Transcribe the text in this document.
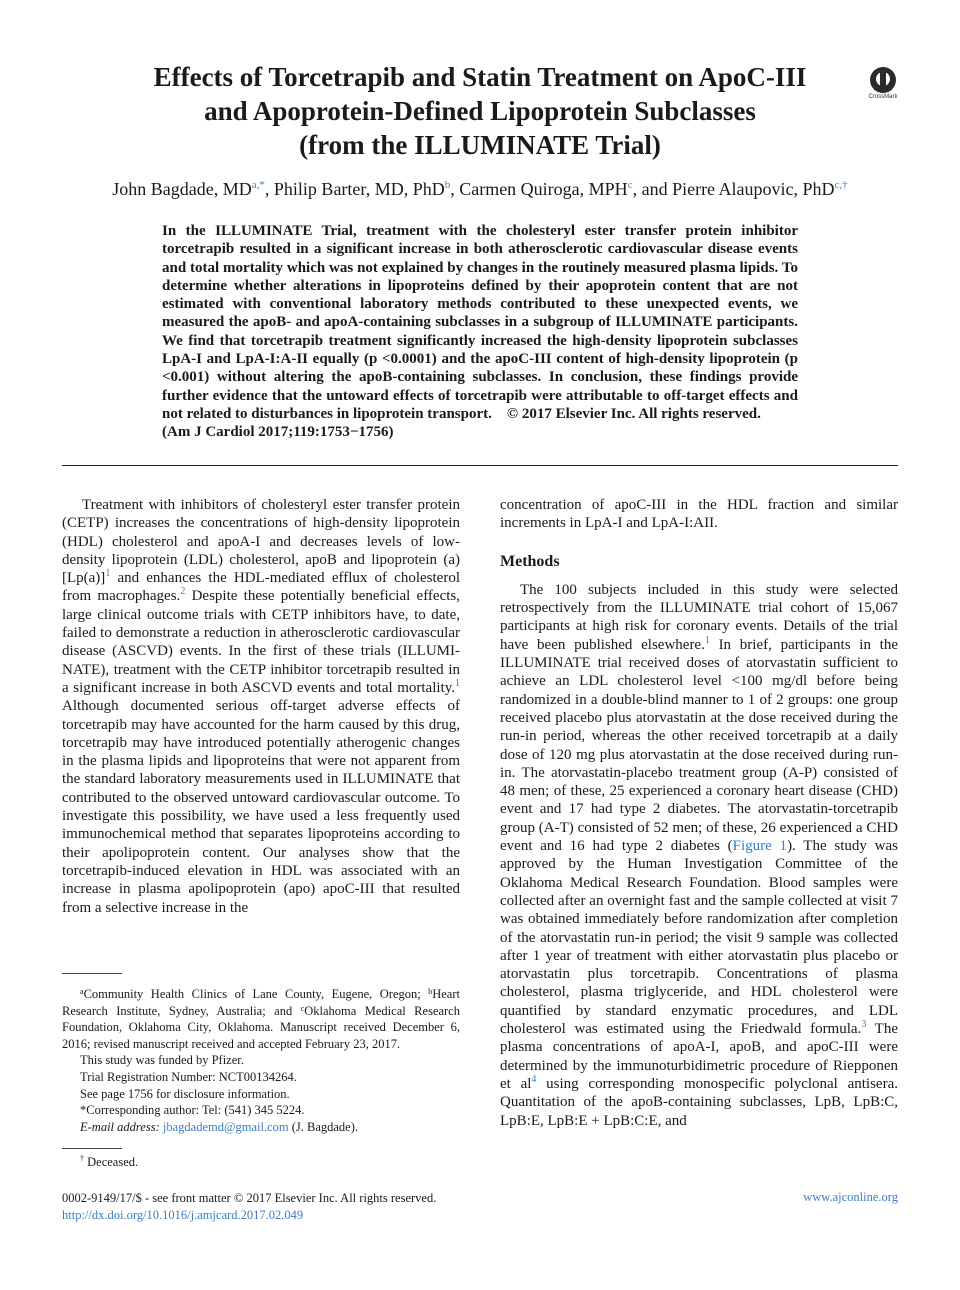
Effects of Torcetrapib and Statin Treatment on ApoC-III
and Apoprotein-Defined Lipoprotein Subclasses
(from the ILLUMINATE Trial)
CrossMark

John Bagdade, $MD^{a,*}$, Philip Barter, MD, PhD$^b$, Carmen Quiroga, MPH$^c$, and Pierre Alaupovic, PhD$^{c,\dagger}$

In the ILLUMINATE Trial, treatment with the cholesteryl ester transfer protein inhibitor torcetrapib resulted in a significant increase in both atherosclerotic cardiovascular disease events and total mortality which was not explained by changes in the routinely measured plasma lipids. To determine whether alterations in lipoproteins defined by their apoprotein content that are not estimated with conventional laboratory methods contributed to these unexpected events, we measured the apoB- and apoA-containing subclasses in a subgroup of ILLUMINATE participants. We find that torcetrapib treatment significantly increased the high-density lipoprotein subclasses LpA-I and LpA-I:A-II equally (p <0.0001) and the apoC-III content of high-density lipoprotein (p <0.001) without altering the apoB-containing subclasses. In conclusion, these findings provide further evidence that the untoward effects of torcetrapib were attributable to off-target effects and not related to disturbances in lipoprotein transport. © 2017 Elsevier Inc. All rights reserved.
(Am J Cardiol 2017;119:1753−1756)

Treatment with inhibitors of cholesteryl ester transfer protein (CETP) increases the concentrations of high-density lipoprotein (HDL) cholesterol and apoA-I and decreases levels of low-density lipoprotein (LDL) cholesterol, apoB and lipoprotein (a) [Lp(a)]$^1$ and enhances the HDL-mediated efflux of cholesterol from macrophages.$^2$ Despite these potentially beneficial effects, large clinical outcome trials with CETP inhibitors have, to date, failed to demonstrate a reduction in atherosclerotic cardiovascular disease (ASCVD) events. In the first of these trials (ILLUMI-NATE), treatment with the CETP inhibitor torcetrapib resulted in a significant increase in both ASCVD events and total mortality.$^1$ Although documented serious off-target adverse effects of torcetrapib may have accounted for the harm caused by this drug, torcetrapib may have introduced potentially atherogenic changes in the plasma lipids and lipoproteins that were not apparent from the standard laboratory measurements used in ILLUMINATE that contributed to the observed untoward cardiovascular outcome. To investigate this possibility, we have used a less frequently used immunochemical method that separates lipoproteins according to their apolipoprotein content. Our analyses show that the torcetrapib-induced elevation in HDL was associated with an increase in plasma apolipoprotein (apo) apoC-III that resulted from a selective increase in the

$^a$Community Health Clinics of Lane County, Eugene, Oregon; $^b$Heart Research Institute, Sydney, Australia; and $^c$Oklahoma Medical Research Foundation, Oklahoma City, Oklahoma. Manuscript received December 6, 2016; revised manuscript received and accepted February 23, 2017.

This study was funded by Pfizer.

Trial Registration Number: NCT00134264.

See page 1756 for disclosure information.

*Corresponding author: Tel: (541) 345 5224.

E-mail address: jbagdademd@gmail.com (J. Bagdade).

† Deceased.

concentration of apoC-III in the HDL fraction and similar increments in LpA-I and LpA-I:AII.

Methods

The 100 subjects included in this study were selected retrospectively from the ILLUMINATE trial cohort of 15,067 participants at high risk for coronary events. Details of the trial have been published elsewhere.$^1$ In brief, participants in the ILLUMINATE trial received doses of atorvastatin sufficient to achieve an LDL cholesterol level <100 mg/dl before being randomized in a double-blind manner to 1 of 2 groups: one group received placebo plus atorvastatin at the dose received during the run-in period, whereas the other received torcetrapib at a daily dose of 120 mg plus atorvastatin at the dose received during run-in. The atorvastatin-placebo treatment group (A-P) consisted of 48 men; of these, 25 experienced a coronary heart disease (CHD) event and 17 had type 2 diabetes. The atorvastatin-torcetrapib group (A-T) consisted of 52 men; of these, 26 experienced a CHD event and 16 had type 2 diabetes (Figure 1). The study was approved by the Human Investigation Committee of the Oklahoma Medical Research Foundation. Blood samples were collected after an overnight fast and the sample collected at visit 7 was obtained immediately before randomization after completion of the atorvastatin run-in period; the visit 9 sample was collected after 1 year of treatment with either atorvastatin plus placebo or atorvastatin plus torcetrapib. Concentrations of plasma cholesterol, plasma triglyceride, and HDL cholesterol were quantified by standard enzymatic procedures, and LDL cholesterol was estimated using the Friedwald formula.$^3$ The plasma concentrations of apoA-I, apoB, and apoC-III were determined by the immunoturbidimetric procedure of Riepponen et al$^4$ using corresponding monospecific polyclonal antisera. Quantitation of the apoB-containing subclasses, LpB, LpB:C, LpB:E, LpB:E + LpB:C:E, and

0002-9149/17/$ - see front matter © 2017 Elsevier Inc. All rights reserved.
http://dx.doi.org/10.1016/j.amjcard.2017.02.049
www.ajconline.org
